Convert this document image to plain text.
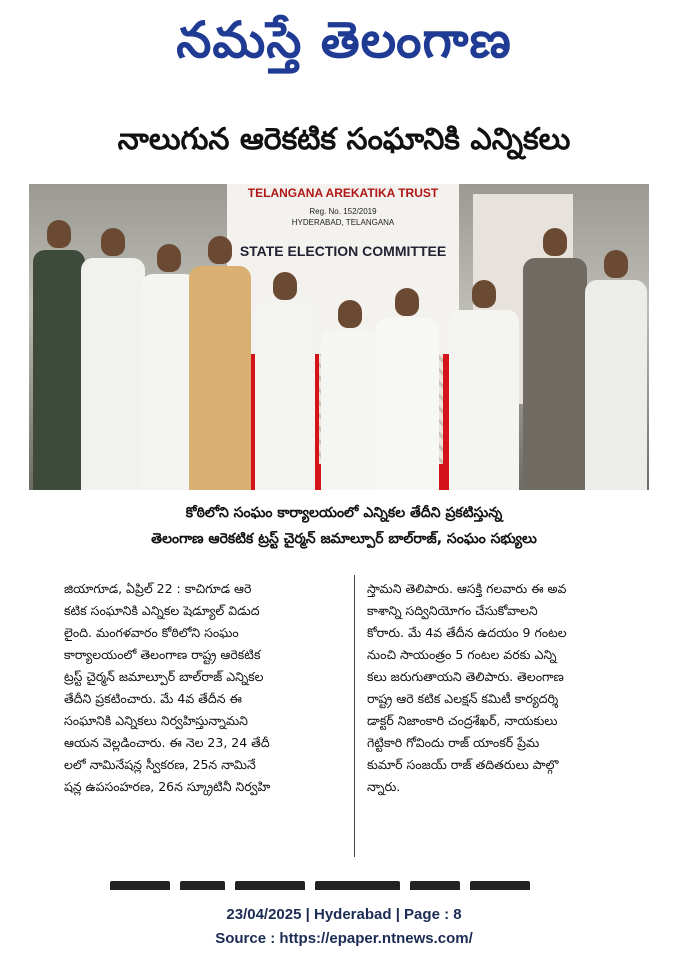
నమస్తే తెలంగాణ
నాలుగున ఆరెకటిక సంఘానికి ఎన్నికలు
TELANGANA AREKATIKA TRUST
Reg. No. 152/2019
HYDERABAD, TELANGANA
STATE ELECTION COMMITTEE
కోఠిలోని సంఘం కార్యాలయంలో ఎన్నికల తేదీని ప్రకటిస్తున్న
తెలంగాణ ఆరెకటిక ట్రస్ట్ చైర్మన్ జమాల్పూర్ బాల్‌రాజ్, సంఘం సభ్యులు

జియాగూడ, ఏప్రిల్ 22 : కాచిగూడ ఆరె

కటిక సంఘానికి ఎన్నికల షెడ్యూల్ విడుద

లైంది. మంగళవారం కోఠిలోని సంఘం

కార్యాలయంలో తెలంగాణ రాష్ట్ర ఆరెకటిక

ట్రస్ట్ చైర్మన్ జమాల్పూర్ బాల్‌రాజ్ ఎన్నికల

తేదీని ప్రకటించారు. మే 4వ తేదీన ఈ

సంఘానికి ఎన్నికలు నిర్వహిస్తున్నామని

ఆయన వెల్లడించారు. ఈ నెల 23, 24 తేదీ

లలో నామినేషన్ల స్వీకరణ, 25న నామినే

షన్ల ఉపసంహరణ, 26న స్క్రూటినీ నిర్వహి

స్తామని తెలిపారు. ఆసక్తి గలవారు ఈ అవ

కాశాన్ని సద్వినియోగం చేసుకోవాలని

కోరారు. మే 4వ తేదీన ఉదయం 9 గంటల

నుంచి సాయంత్రం 5 గంటల వరకు ఎన్ని

కలు జరుగుతాయని తెలిపారు. తెలంగాణ

రాష్ట్ర ఆరె కటిక ఎలక్షన్ కమిటీ కార్యదర్శి

డాక్టర్ నిజాంకారి చంద్రశేఖర్, నాయకులు

గెట్టికారి గోవిందు రాజ్ యాంకర్ ప్రేమ

కుమార్ సంజయ్ రాజ్ తదితరులు పాల్గొ

న్నారు.

23/04/2025 | Hyderabad | Page : 8
Source : https://epaper.ntnews.com/
